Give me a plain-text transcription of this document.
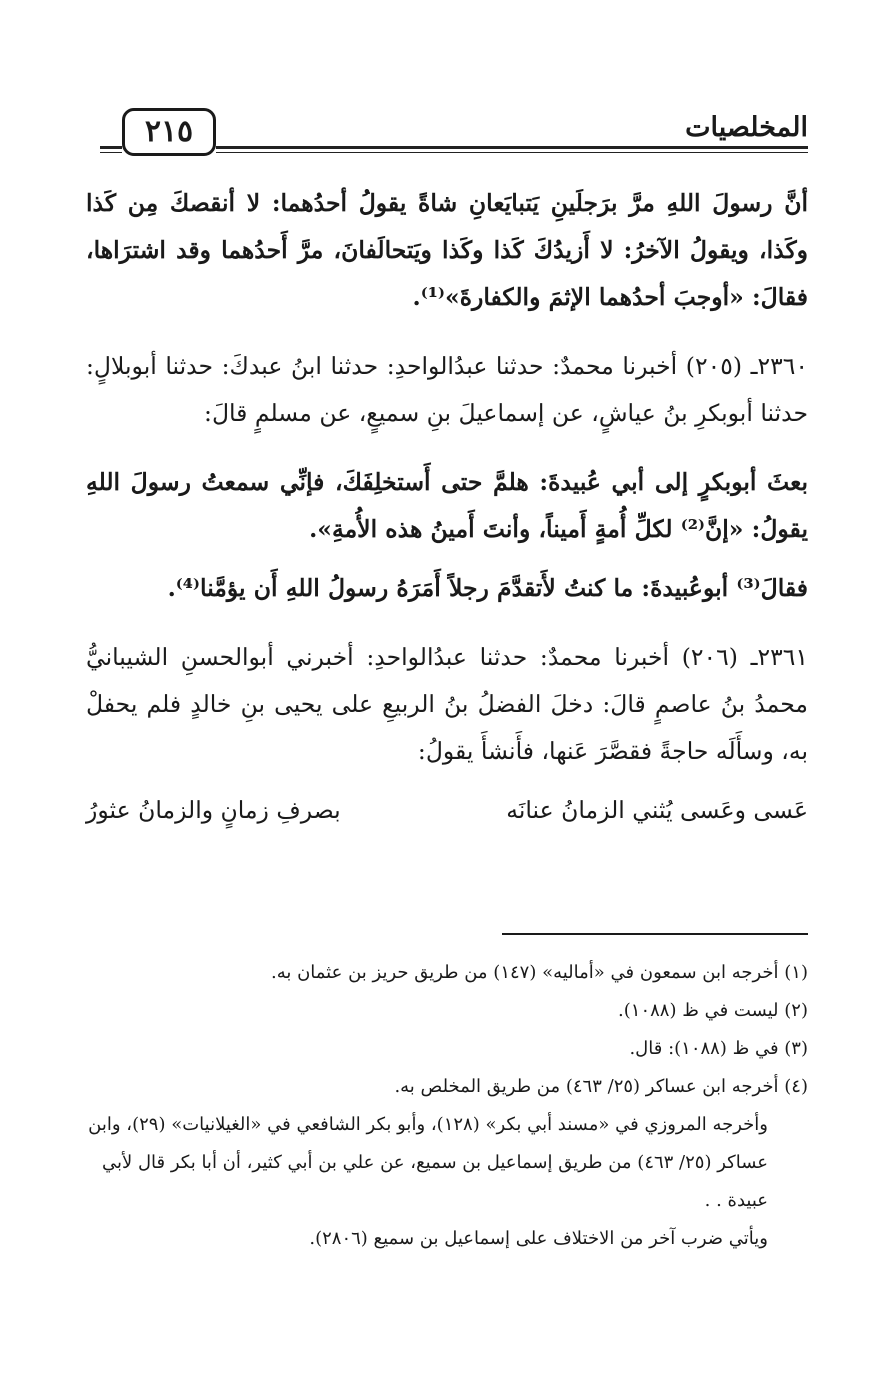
٢١٥	المخلصيات

أنَّ رسولَ اللهِ مرَّ برَجلَينِ يَتبايَعانِ شاةً يقولُ أحدُهما: لا أنقصكَ مِن كَذا وكَذا، ويقولُ الآخرُ: لا أَزيدُكَ كَذا وكَذا ويَتحالَفانَ، مرَّ أَحدُهما وقد اشترَاها، فقالَ: «أوجبَ أحدُهما الإثمَ والكفارةَ»⁽¹⁾.

٢٣٦٠ـ (٢٠٥) أخبرنا محمدٌ: حدثنا عبدُالواحدِ: حدثنا ابنُ عبدكَ: حدثنا أبوبلالٍ: حدثنا أبوبكرِ بنُ عياشٍ، عن إسماعيلَ بنِ سميعٍ، عن مسلمٍ قالَ:

بعثَ أبوبكرٍ إلى أبي عُبيدةَ: هلمَّ حتى أَستخلِفَكَ، فإنِّي سمعتُ رسولَ اللهِ يقولُ: «إنَّ⁽²⁾ لكلِّ أُمةٍ أَميناً، وأنتَ أَمينُ هذه الأُمةِ».

فقالَ⁽³⁾ أبوعُبيدةَ: ما كنتُ لأَتقدَّمَ رجلاً أَمَرَهُ رسولُ اللهِ أَن يؤمَّنا⁽⁴⁾.

٢٣٦١ـ (٢٠٦) أخبرنا محمدٌ: حدثنا عبدُالواحدِ: أخبرني أبوالحسنِ الشيبانيُّ محمدُ بنُ عاصمٍ قالَ: دخلَ الفضلُ بنُ الربيعِ على يحيى بنِ خالدٍ فلم يحفلْ به، وسأَلَه حاجةً فقصَّرَ عَنها، فأَنشأَ يقولُ:

عَسى وعَسى يُثني الزمانُ عنانَه
بصرفِ زمانٍ والزمانُ عثورُ

(١) أخرجه ابن سمعون في «أماليه» (١٤٧) من طريق حريز بن عثمان به.

(٢) ليست في ظ (١٠٨٨).

(٣) في ظ (١٠٨٨): قال.

(٤) أخرجه ابن عساكر (٢٥/ ٤٦٣) من طريق المخلص به.

وأخرجه المروزي في «مسند أبي بكر» (١٢٨)، وأبو بكر الشافعي في «الغيلانيات» (٢٩)، وابن عساكر (٢٥/ ٤٦٣) من طريق إسماعيل بن سميع، عن علي بن أبي كثير، أن أبا بكر قال لأبي عبيدة . .

ويأتي ضرب آخر من الاختلاف على إسماعيل بن سميع (٢٨٠٦).
